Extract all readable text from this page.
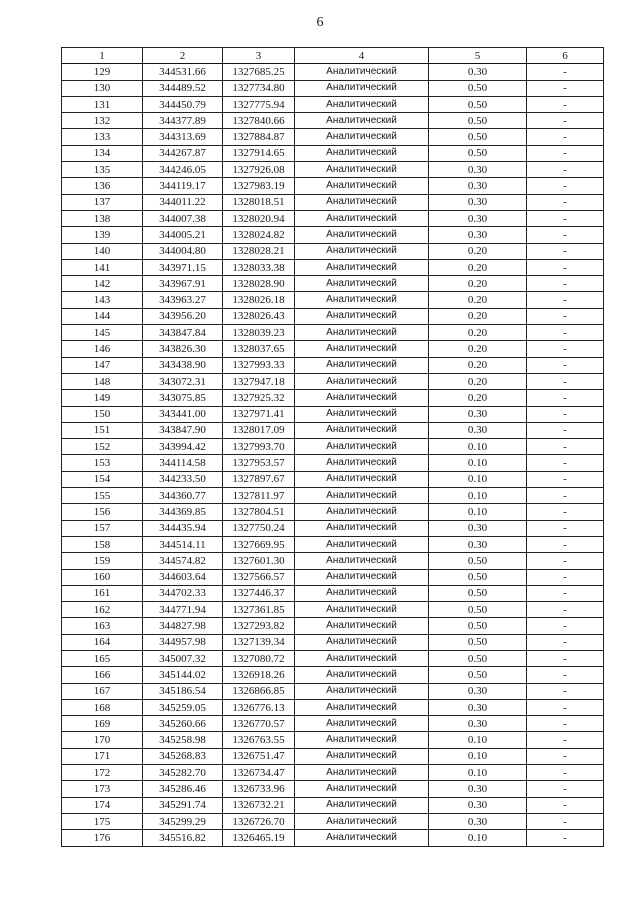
6
1	2	3	4	5	6
129	344531.66	1327685.25	Аналитический	0.30	-
130	344489.52	1327734.80	Аналитический	0.50	-
131	344450.79	1327775.94	Аналитический	0.50	-
132	344377.89	1327840.66	Аналитический	0.50	-
133	344313.69	1327884.87	Аналитический	0.50	-
134	344267.87	1327914.65	Аналитический	0.50	-
135	344246.05	1327926.08	Аналитический	0.30	-
136	344119.17	1327983.19	Аналитический	0.30	-
137	344011.22	1328018.51	Аналитический	0.30	-
138	344007.38	1328020.94	Аналитический	0.30	-
139	344005.21	1328024.82	Аналитический	0.30	-
140	344004.80	1328028.21	Аналитический	0.20	-
141	343971.15	1328033.38	Аналитический	0.20	-
142	343967.91	1328028.90	Аналитический	0.20	-
143	343963.27	1328026.18	Аналитический	0.20	-
144	343956.20	1328026.43	Аналитический	0.20	-
145	343847.84	1328039.23	Аналитический	0.20	-
146	343826.30	1328037.65	Аналитический	0.20	-
147	343438.90	1327993.33	Аналитический	0.20	-
148	343072.31	1327947.18	Аналитический	0.20	-
149	343075.85	1327925.32	Аналитический	0.20	-
150	343441.00	1327971.41	Аналитический	0.30	-
151	343847.90	1328017.09	Аналитический	0.30	-
152	343994.42	1327993.70	Аналитический	0.10	-
153	344114.58	1327953.57	Аналитический	0.10	-
154	344233.50	1327897.67	Аналитический	0.10	-
155	344360.77	1327811.97	Аналитический	0.10	-
156	344369.85	1327804.51	Аналитический	0.10	-
157	344435.94	1327750.24	Аналитический	0.30	-
158	344514.11	1327669.95	Аналитический	0.30	-
159	344574.82	1327601.30	Аналитический	0.50	-
160	344603.64	1327566.57	Аналитический	0.50	-
161	344702.33	1327446.37	Аналитический	0.50	-
162	344771.94	1327361.85	Аналитический	0.50	-
163	344827.98	1327293.82	Аналитический	0.50	-
164	344957.98	1327139.34	Аналитический	0.50	-
165	345007.32	1327080.72	Аналитический	0.50	-
166	345144.02	1326918.26	Аналитический	0.50	-
167	345186.54	1326866.85	Аналитический	0.30	-
168	345259.05	1326776.13	Аналитический	0.30	-
169	345260.66	1326770.57	Аналитический	0.30	-
170	345258.98	1326763.55	Аналитический	0.10	-
171	345268.83	1326751.47	Аналитический	0.10	-
172	345282.70	1326734.47	Аналитический	0.10	-
173	345286.46	1326733.96	Аналитический	0.30	-
174	345291.74	1326732.21	Аналитический	0.30	-
175	345299.29	1326726.70	Аналитический	0.30	-
176	345516.82	1326465.19	Аналитический	0.10	-
